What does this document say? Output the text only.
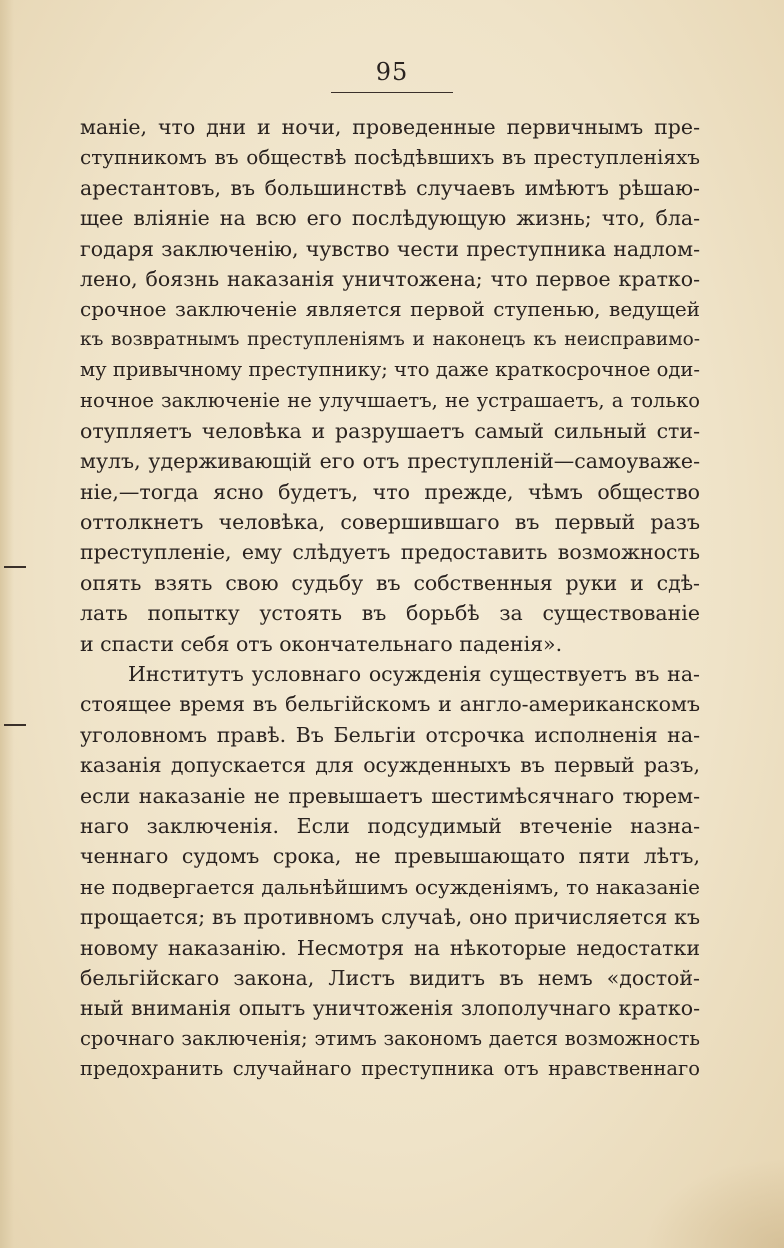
95
маніе, что дни и ночи, проведенные первичнымъ пре-
ступникомъ въ обществѣ посѣдѣвшихъ въ преступленіяхъ
арестантовъ, въ большинствѣ случаевъ имѣютъ рѣшаю-
щее вліяніе на всю его послѣдующую жизнь; что, бла-
годаря заключенію, чувство чести преступника надлом-
лено, боязнь наказанія уничтожена; что первое кратко-
срочное заключеніе является первой ступенью, ведущей
къ возвратнымъ преступленіямъ и наконецъ къ неисправимо-
му привычному преступнику; что даже краткосрочное оди-
ночное заключеніе не улучшаетъ, не устрашаетъ, а только
отупляетъ человѣка и разрушаетъ самый сильный сти-
мулъ, удерживающій его отъ преступленій—самоуваже-
ніе,—тогда ясно будетъ, что прежде, чѣмъ общество
оттолкнетъ человѣка, совершившаго въ первый разъ
преступленіе, ему слѣдуетъ предоставить возможность
опять взять свою судьбу въ собственныя руки и сдѣ-
лать попытку устоять въ борьбѣ за существованіе
и спасти себя отъ окончательнаго паденія».
Институтъ условнаго осужденія существуетъ въ на-
стоящее время въ бельгійскомъ и англо-американскомъ
уголовномъ правѣ. Въ Бельгіи отсрочка исполненія на-
казанія допускается для осужденныхъ въ первый разъ,
если наказаніе не превышаетъ шестимѣсячнаго тюрем-
наго заключенія. Если подсудимый втеченіе назна-
ченнаго судомъ срока, не превышающато пяти лѣтъ,
не подвергается дальнѣйшимъ осужденіямъ, то наказаніе
прощается; въ противномъ случаѣ, оно причисляется къ
новому наказанію. Несмотря на нѣкоторые недостатки
бельгійскаго закона, Листъ видитъ въ немъ «достой-
ный вниманія опытъ уничтоженія злополучнаго кратко-
срочнаго заключенія; этимъ закономъ дается возможность
предохранить случайнаго преступника отъ нравственнаго
